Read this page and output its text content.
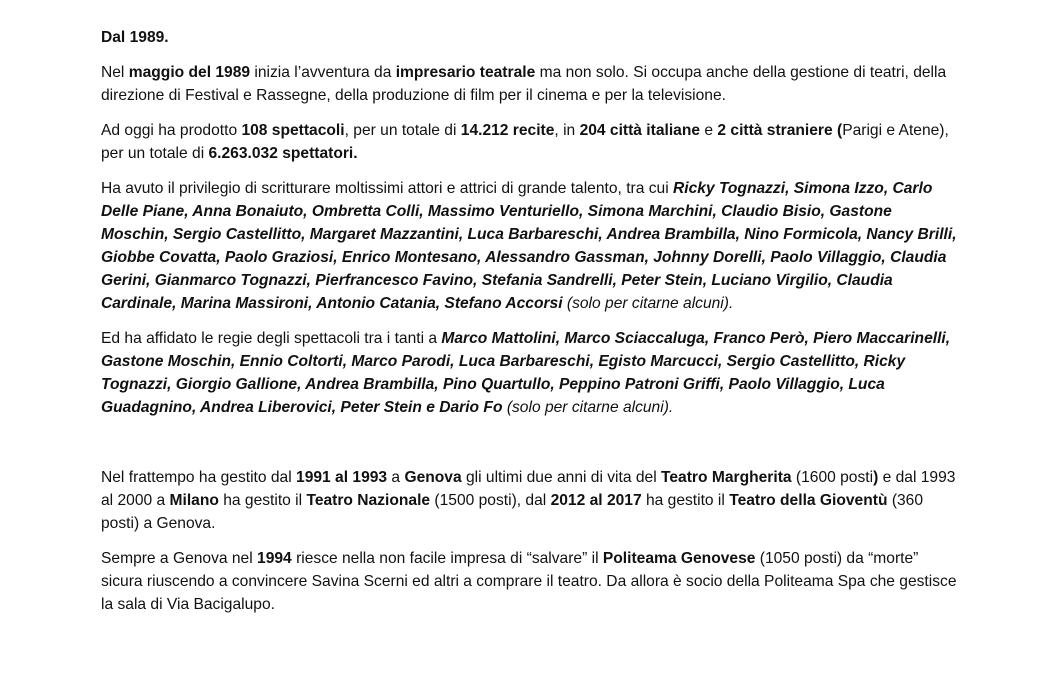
Dal 1989.

Nel maggio del 1989 inizia l’avventura da impresario teatrale ma non solo. Si occupa anche della gestione di teatri, della direzione di Festival e Rassegne, della produzione di film per il cinema e per la televisione.

Ad oggi ha prodotto 108 spettacoli, per un totale di 14.212 recite, in 204 città italiane e 2 città straniere (Parigi e Atene), per un totale di 6.263.032 spettatori.

Ha avuto il privilegio di scritturare moltissimi attori e attrici di grande talento, tra cui Ricky Tognazzi, Simona Izzo, Carlo Delle Piane, Anna Bonaiuto, Ombretta Colli, Massimo Venturiello, Simona Marchini, Claudio Bisio, Gastone Moschin, Sergio Castellitto, Margaret Mazzantini, Luca Barbareschi, Andrea Brambilla, Nino Formicola, Nancy Brilli, Giobbe Covatta, Paolo Graziosi, Enrico Montesano, Alessandro Gassman, Johnny Dorelli, Paolo Villaggio, Claudia Gerini, Gianmarco Tognazzi, Pierfrancesco Favino, Stefania Sandrelli, Peter Stein, Luciano Virgilio, Claudia Cardinale, Marina Massironi, Antonio Catania, Stefano Accorsi (solo per citarne alcuni).

Ed ha affidato le regie degli spettacoli tra i tanti a Marco Mattolini, Marco Sciaccaluga, Franco Però, Piero Maccarinelli, Gastone Moschin, Ennio Coltorti, Marco Parodi, Luca Barbareschi, Egisto Marcucci, Sergio Castellitto, Ricky Tognazzi, Giorgio Gallione, Andrea Brambilla, Pino Quartullo, Peppino Patroni Griffi, Paolo Villaggio, Luca Guadagnino, Andrea Liberovici, Peter Stein e Dario Fo (solo per citarne alcuni).

Nel frattempo ha gestito dal 1991 al 1993 a Genova gli ultimi due anni di vita del Teatro Margherita (1600 posti) e dal 1993 al 2000 a Milano ha gestito il Teatro Nazionale (1500 posti), dal 2012 al 2017 ha gestito il Teatro della Gioventù (360 posti) a Genova.

Sempre a Genova nel 1994 riesce nella non facile impresa di “salvare” il Politeama Genovese (1050 posti) da “morte” sicura riuscendo a convincere Savina Scerni ed altri a comprare il teatro. Da allora è socio della Politeama Spa che gestisce la sala di Via Bacigalupo.
